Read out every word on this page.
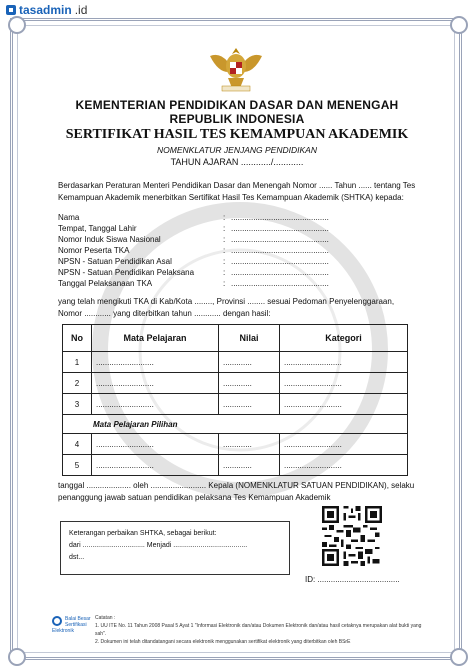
tasadmin .id
KEMENTERIAN PENDIDIKAN DASAR DAN MENENGAH
REPUBLIK INDONESIA
SERTIFIKAT HASIL TES KEMAMPUAN AKADEMIK
NOMENKLATUR JENJANG PENDIDIKAN
TAHUN AJARAN ............/............
Berdasarkan Peraturan Menteri Pendidikan Dasar dan Menengah Nomor ...... Tahun ...... tentang Tes Kemampuan Akademik menerbitkan Sertifikat Hasil Tes Kemampuan Akademik (SHTKA) kepada:
Nama	: ............................................
Tempat, Tanggal Lahir	: ............................................
Nomor Induk Siswa Nasional	: ............................................
Nomor Peserta TKA	: ............................................
NPSN - Satuan Pendidikan Asal	: ............................................
NPSN - Satuan Pendidikan Pelaksana	: ............................................
Tanggal Pelaksanaan TKA	: ............................................
yang telah mengikuti TKA di Kab/Kota ........, Provinsi ........ sesuai Pedoman Penyelenggaraan,
Nomor ............ yang diterbitkan tahun ............ dengan hasil:
No	Mata Pelajaran	Nilai	Kategori
1	..........................	.............	..........................
2	..........................	.............	..........................
3	..........................	.............	..........................
Mata Pelajaran Pilihan			
4	..........................	.............	..........................
5	..........................	.............	..........................
tanggal .................... oleh ......................... Kepala (NOMENKLATUR SATUAN PENDIDIKAN), selaku
penanggung jawab satuan pendidikan pelaksana Tes Kemampuan Akademik
Keterangan perbaikan SHTKA, sebagai berikut:
dari ................................ Menjadi ......................................
dst...
ID: .....................................
Balai Besar Sertifikasi Elektronik
Catatan :
1. UU ITE No. 11 Tahun 2008 Pasal 5 Ayat 1 "Informasi Elektronik dan/atau Dokumen Elektronik dan/atau hasil cetaknya merupakan alat bukti yang sah".
2. Dokumen ini telah ditandatangani secara elektronik menggunakan sertifikat elektronik yang diterbitkan oleh BSrE
